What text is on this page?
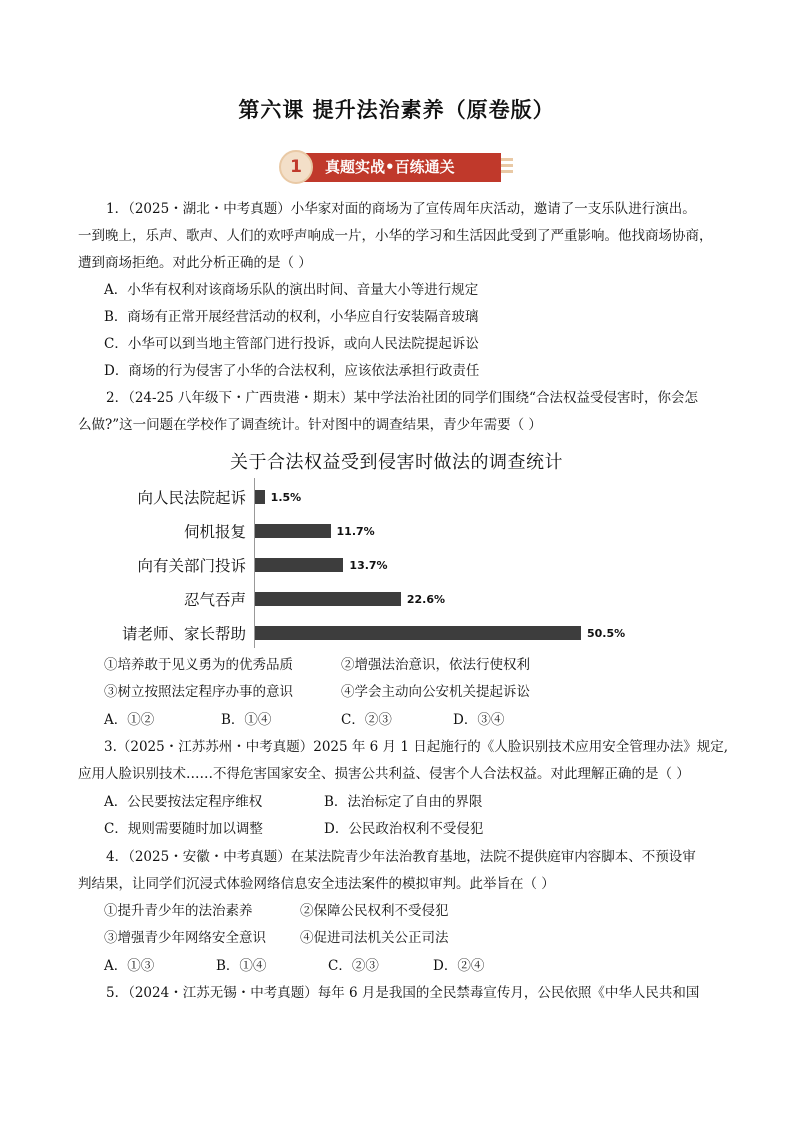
第六课 提升法治素养（原卷版）
1	真题实战•百练通关
1．（2025・湖北・中考真题）小华家对面的商场为了宣传周年庆活动，邀请了一支乐队进行演出。
一到晚上，乐声、歌声、人们的欢呼声响成一片，小华的学习和生活因此受到了严重影响。他找商场协商，
遭到商场拒绝。对此分析正确的是（ ）
A．小华有权利对该商场乐队的演出时间、音量大小等进行规定
B．商场有正常开展经营活动的权利，小华应自行安装隔音玻璃
C．小华可以到当地主管部门进行投诉，或向人民法院提起诉讼
D．商场的行为侵害了小华的合法权利，应该依法承担行政责任
2．（24-25 八年级下・广西贵港・期末）某中学法治社团的同学们围绕“合法权益受侵害时，你会怎
么做?”这一问题在学校作了调查统计。针对图中的调查结果，青少年需要（ ）
关于合法权益受到侵害时做法的调查统计
向人民法院起诉 1.5%
伺机报复	11.7%
向有关部门投诉	13.7%
忍气吞声	22.6%
请老师、家长帮助	50.5%
①培养敢于见义勇为的优秀品质	②增强法治意识，依法行使权利
③树立按照法定程序办事的意识	④学会主动向公安机关提起诉讼
A．①②	B．①④	C．②③	D．③④
3.（2025・江苏苏州・中考真题）2025 年 6 月 1 日起施行的《人脸识别技术应用安全管理办法》规定,
应用人脸识别技术……不得危害国家安全、损害公共利益、侵害个人合法权益。对此理解正确的是（ ）
A．公民要按法定程序维权	B．法治标定了自由的界限
C．规则需要随时加以调整	D．公民政治权利不受侵犯
4．（2025・安徽・中考真题）在某法院青少年法治教育基地，法院不提供庭审内容脚本、不预设审
判结果，让同学们沉浸式体验网络信息安全违法案件的模拟审判。此举旨在（ ）
①提升青少年的法治素养	②保障公民权利不受侵犯
③增强青少年网络安全意识	④促进司法机关公正司法
A．①③	B．①④	C．②③	D．②④
5．（2024・江苏无锡・中考真题）每年 6 月是我国的全民禁毒宣传月，公民依照《中华人民共和国
